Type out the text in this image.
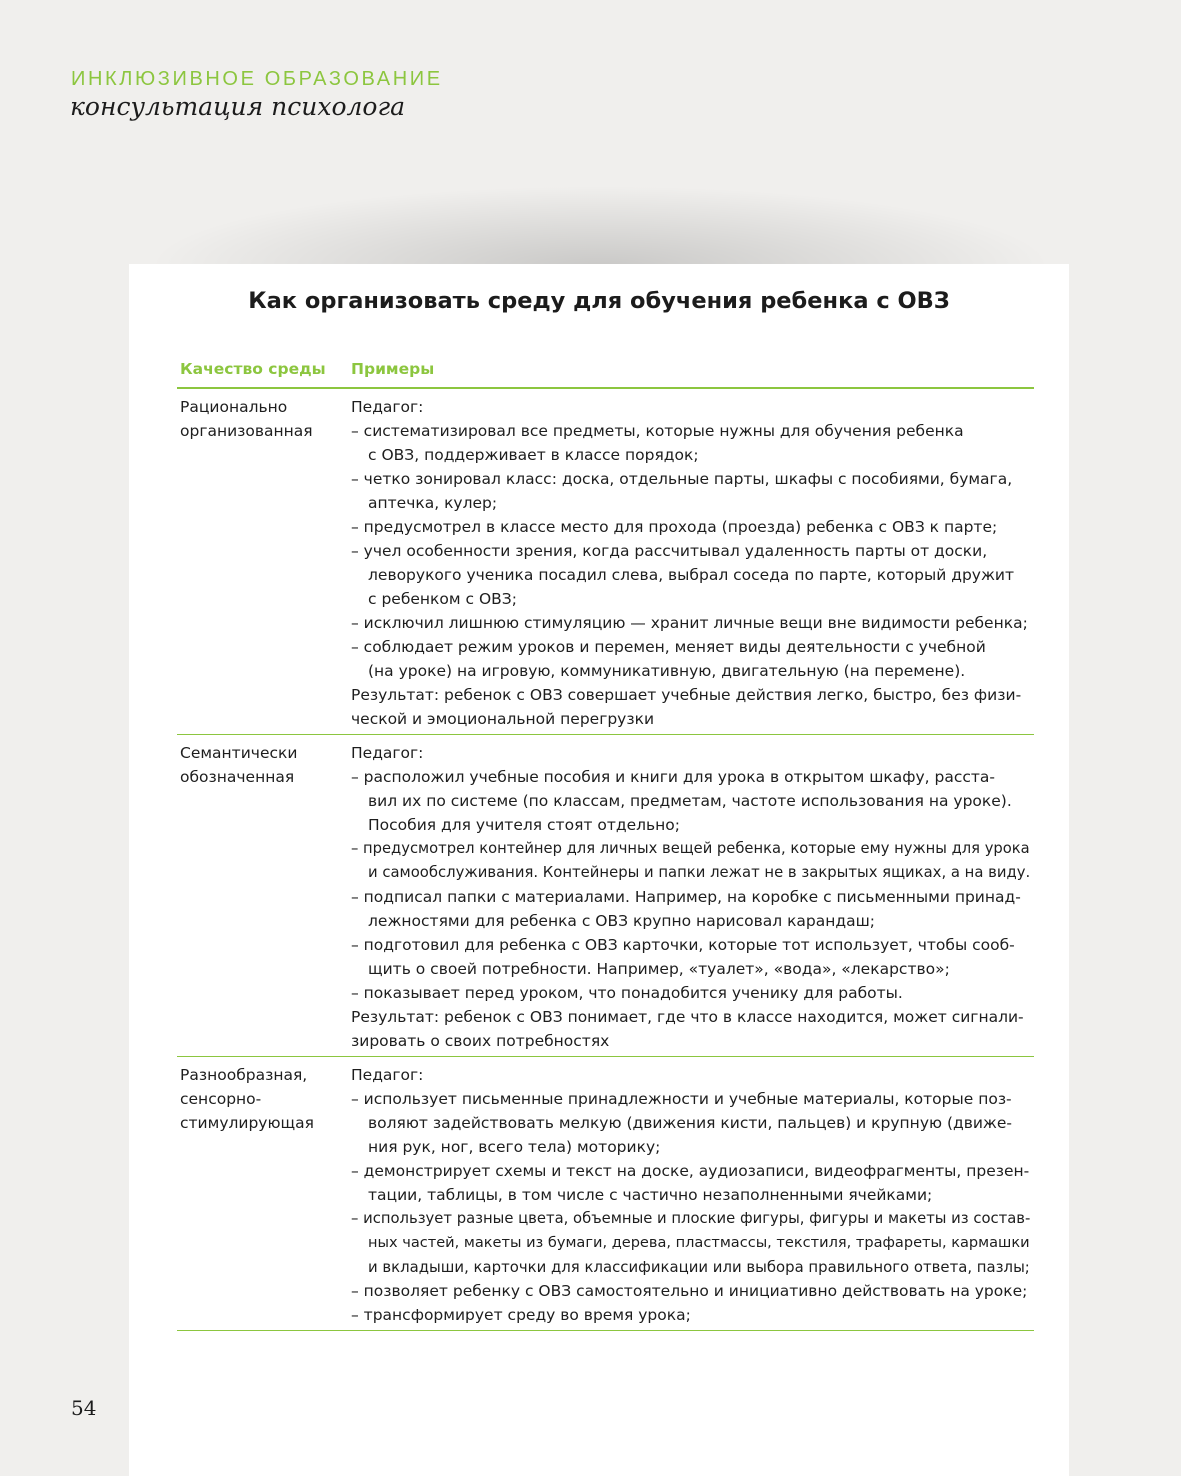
ИНКЛЮЗИВНОЕ ОБРАЗОВАНИЕ
консультация психолога
Как организовать среду для обучения ребенка с ОВЗ
Качество среды Примеры
Рационально
организованная
Педагог:
– систематизировал все предметы, которые нужны для обучения ребенка
с ОВЗ, поддерживает в классе порядок;
– четко зонировал класс: доска, отдельные парты, шкафы с пособиями, бумага,
аптечка, кулер;
– предусмотрел в классе место для прохода (проезда) ребенка с ОВЗ к парте;
– учел особенности зрения, когда рассчитывал удаленность парты от доски,
леворукого ученика посадил слева, выбрал соседа по парте, который дружит
с ребенком с ОВЗ;
– исключил лишнюю стимуляцию — хранит личные вещи вне видимости ребенка;
– соблюдает режим уроков и перемен, меняет виды деятельности с учебной
(на уроке) на игровую, коммуникативную, двигательную (на перемене).
Результат: ребенок с ОВЗ совершает учебные действия легко, быстро, без физи-
ческой и эмоциональной перегрузки
Семантически
обозначенная
Педагог:
– расположил учебные пособия и книги для урока в открытом шкафу, расста-
вил их по системе (по классам, предметам, частоте использования на уроке).
Пособия для учителя стоят отдельно;
– предусмотрел контейнер для личных вещей ребенка, которые ему нужны для урока
и самообслуживания. Контейнеры и папки лежат не в закрытых ящиках, а на виду.
– подписал папки с материалами. Например, на коробке с письменными принад-
лежностями для ребенка с ОВЗ крупно нарисовал карандаш;
– подготовил для ребенка с ОВЗ карточки, которые тот использует, чтобы сооб-
щить о своей потребности. Например, «туалет», «вода», «лекарство»;
– показывает перед уроком, что понадобится ученику для работы.
Результат: ребенок с ОВЗ понимает, где что в классе находится, может сигнали-
зировать о своих потребностях
Разнообразная,
сенсорно-
стимулирующая
Педагог:
– использует письменные принадлежности и учебные материалы, которые поз-
воляют задействовать мелкую (движения кисти, пальцев) и крупную (движе-
ния рук, ног, всего тела) моторику;
– демонстрирует схемы и текст на доске, аудиозаписи, видеофрагменты, презен-
тации, таблицы, в том числе с частично незаполненными ячейками;
– использует разные цвета, объемные и плоские фигуры, фигуры и макеты из состав-
ных частей, макеты из бумаги, дерева, пластмассы, текстиля, трафареты, кармашки
и вкладыши, карточки для классификации или выбора правильного ответа, пазлы;
– позволяет ребенку с ОВЗ самостоятельно и инициативно действовать на уроке;
– трансформирует среду во время урока;
54
